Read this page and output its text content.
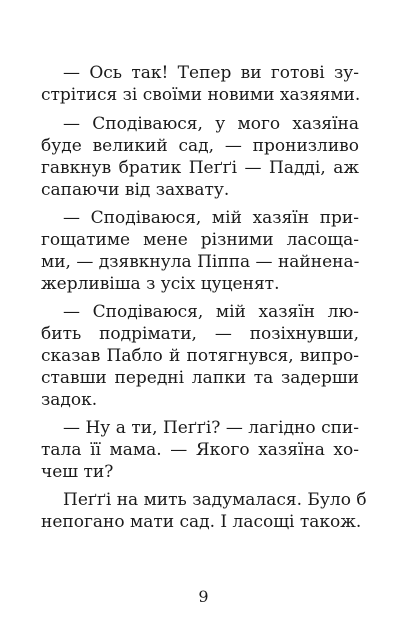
— Ось так! Тепер ви готові зу-
стрітися зі своїми новими хазяями.
— Сподіваюся, у мого хазяїна
буде великий сад, — пронизливо
гавкнув братик Пеґґі — Падді, аж
сапаючи від захвату.
— Сподіваюся, мій хазяїн при-
гощатиме мене різними ласоща-
ми, — дзявкнула Піппа — найнена-
жерливіша з усіх цуценят.
— Сподіваюся, мій хазяїн лю-
бить подрімати, — позіхнувши,
сказав Пабло й потягнувся, випро-
ставши передні лапки та задерши
задок.
— Ну а ти, Пеґґі? — лагідно спи-
тала її мама. — Якого хазяїна хо-
чеш ти?
Пеґґі на мить задумалася. Було б
непогано мати сад. І ласощі також.
9
